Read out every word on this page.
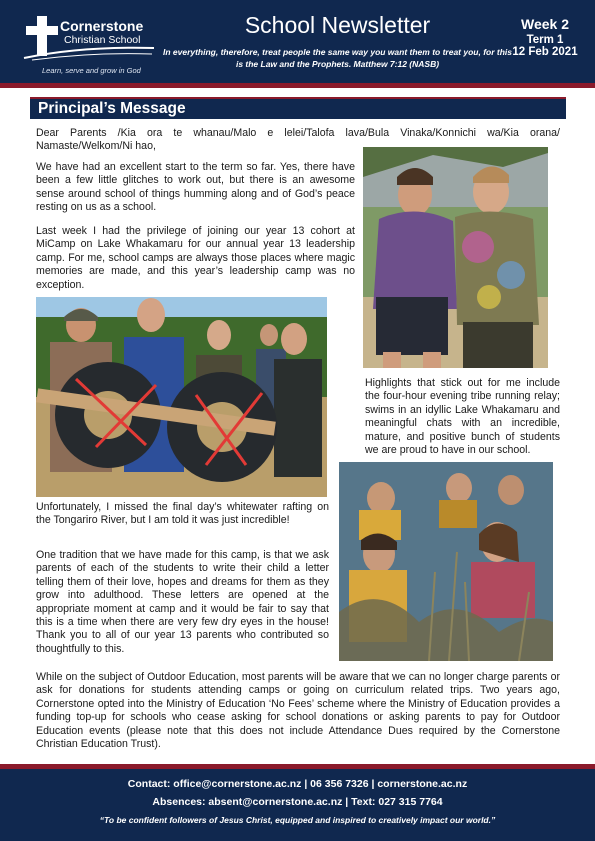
Cornerstone
Christian School
Learn, serve and grow in God
School Newsletter
In everything, therefore, treat people the same way you want them to treat you, for this is the Law and the Prophets. Matthew 7:12 (NASB)
Week 2
Term 1
12 Feb 2021
Principal’s Message
Dear Parents /Kia ora te whanau/Malo e lelei/Talofa lava/Bula Vinaka/Konnichi wa/Kia orana/ Namaste/Welkom/Ni hao,
We have had an excellent start to the term so far. Yes, there have been a few little glitches to work out, but there is an awesome sense around school of things humming along and of God’s peace resting on us as a school.
Last week I had the privilege of joining our year 13 cohort at MiCamp on Lake Whakamaru for our annual year 13 leadership camp. For me, school camps are always those places where magic memories are made, and this year’s leadership camp was no exception.
Highlights that stick out for me include the four-hour evening tribe running relay; swims in an idyllic Lake Whakamaru and meaningful chats with an incredible, mature, and positive bunch of students we are proud to have in our school.
Unfortunately, I missed the final day’s whitewater rafting on the Tongariro River, but I am told it was just incredible!
One tradition that we have made for this camp, is that we ask parents of each of the students to write their child a letter telling them of their love, hopes and dreams for them as they grow into adulthood. These letters are opened at the appropriate moment at camp and it would be fair to say that this is a time when there are very few dry eyes in the house! Thank you to all of our year 13 parents who contributed so thoughtfully to this.
While on the subject of Outdoor Education, most parents will be aware that we can no longer charge parents or ask for donations for students attending camps or going on curriculum related trips. Two years ago, Cornerstone opted into the Ministry of Education ‘No Fees’ scheme where the Ministry of Education provides a funding top-up for schools who cease asking for school donations or asking parents to pay for Outdoor Education events (please note that this does not include Attendance Dues required by the Cornerstone Christian Education Trust).
Contact: office@cornerstone.ac.nz | 06 356 7326 | cornerstone.ac.nz
Absences: absent@cornerstone.ac.nz | Text: 027 315 7764
“To be confident followers of Jesus Christ, equipped and inspired to creatively impact our world.”
